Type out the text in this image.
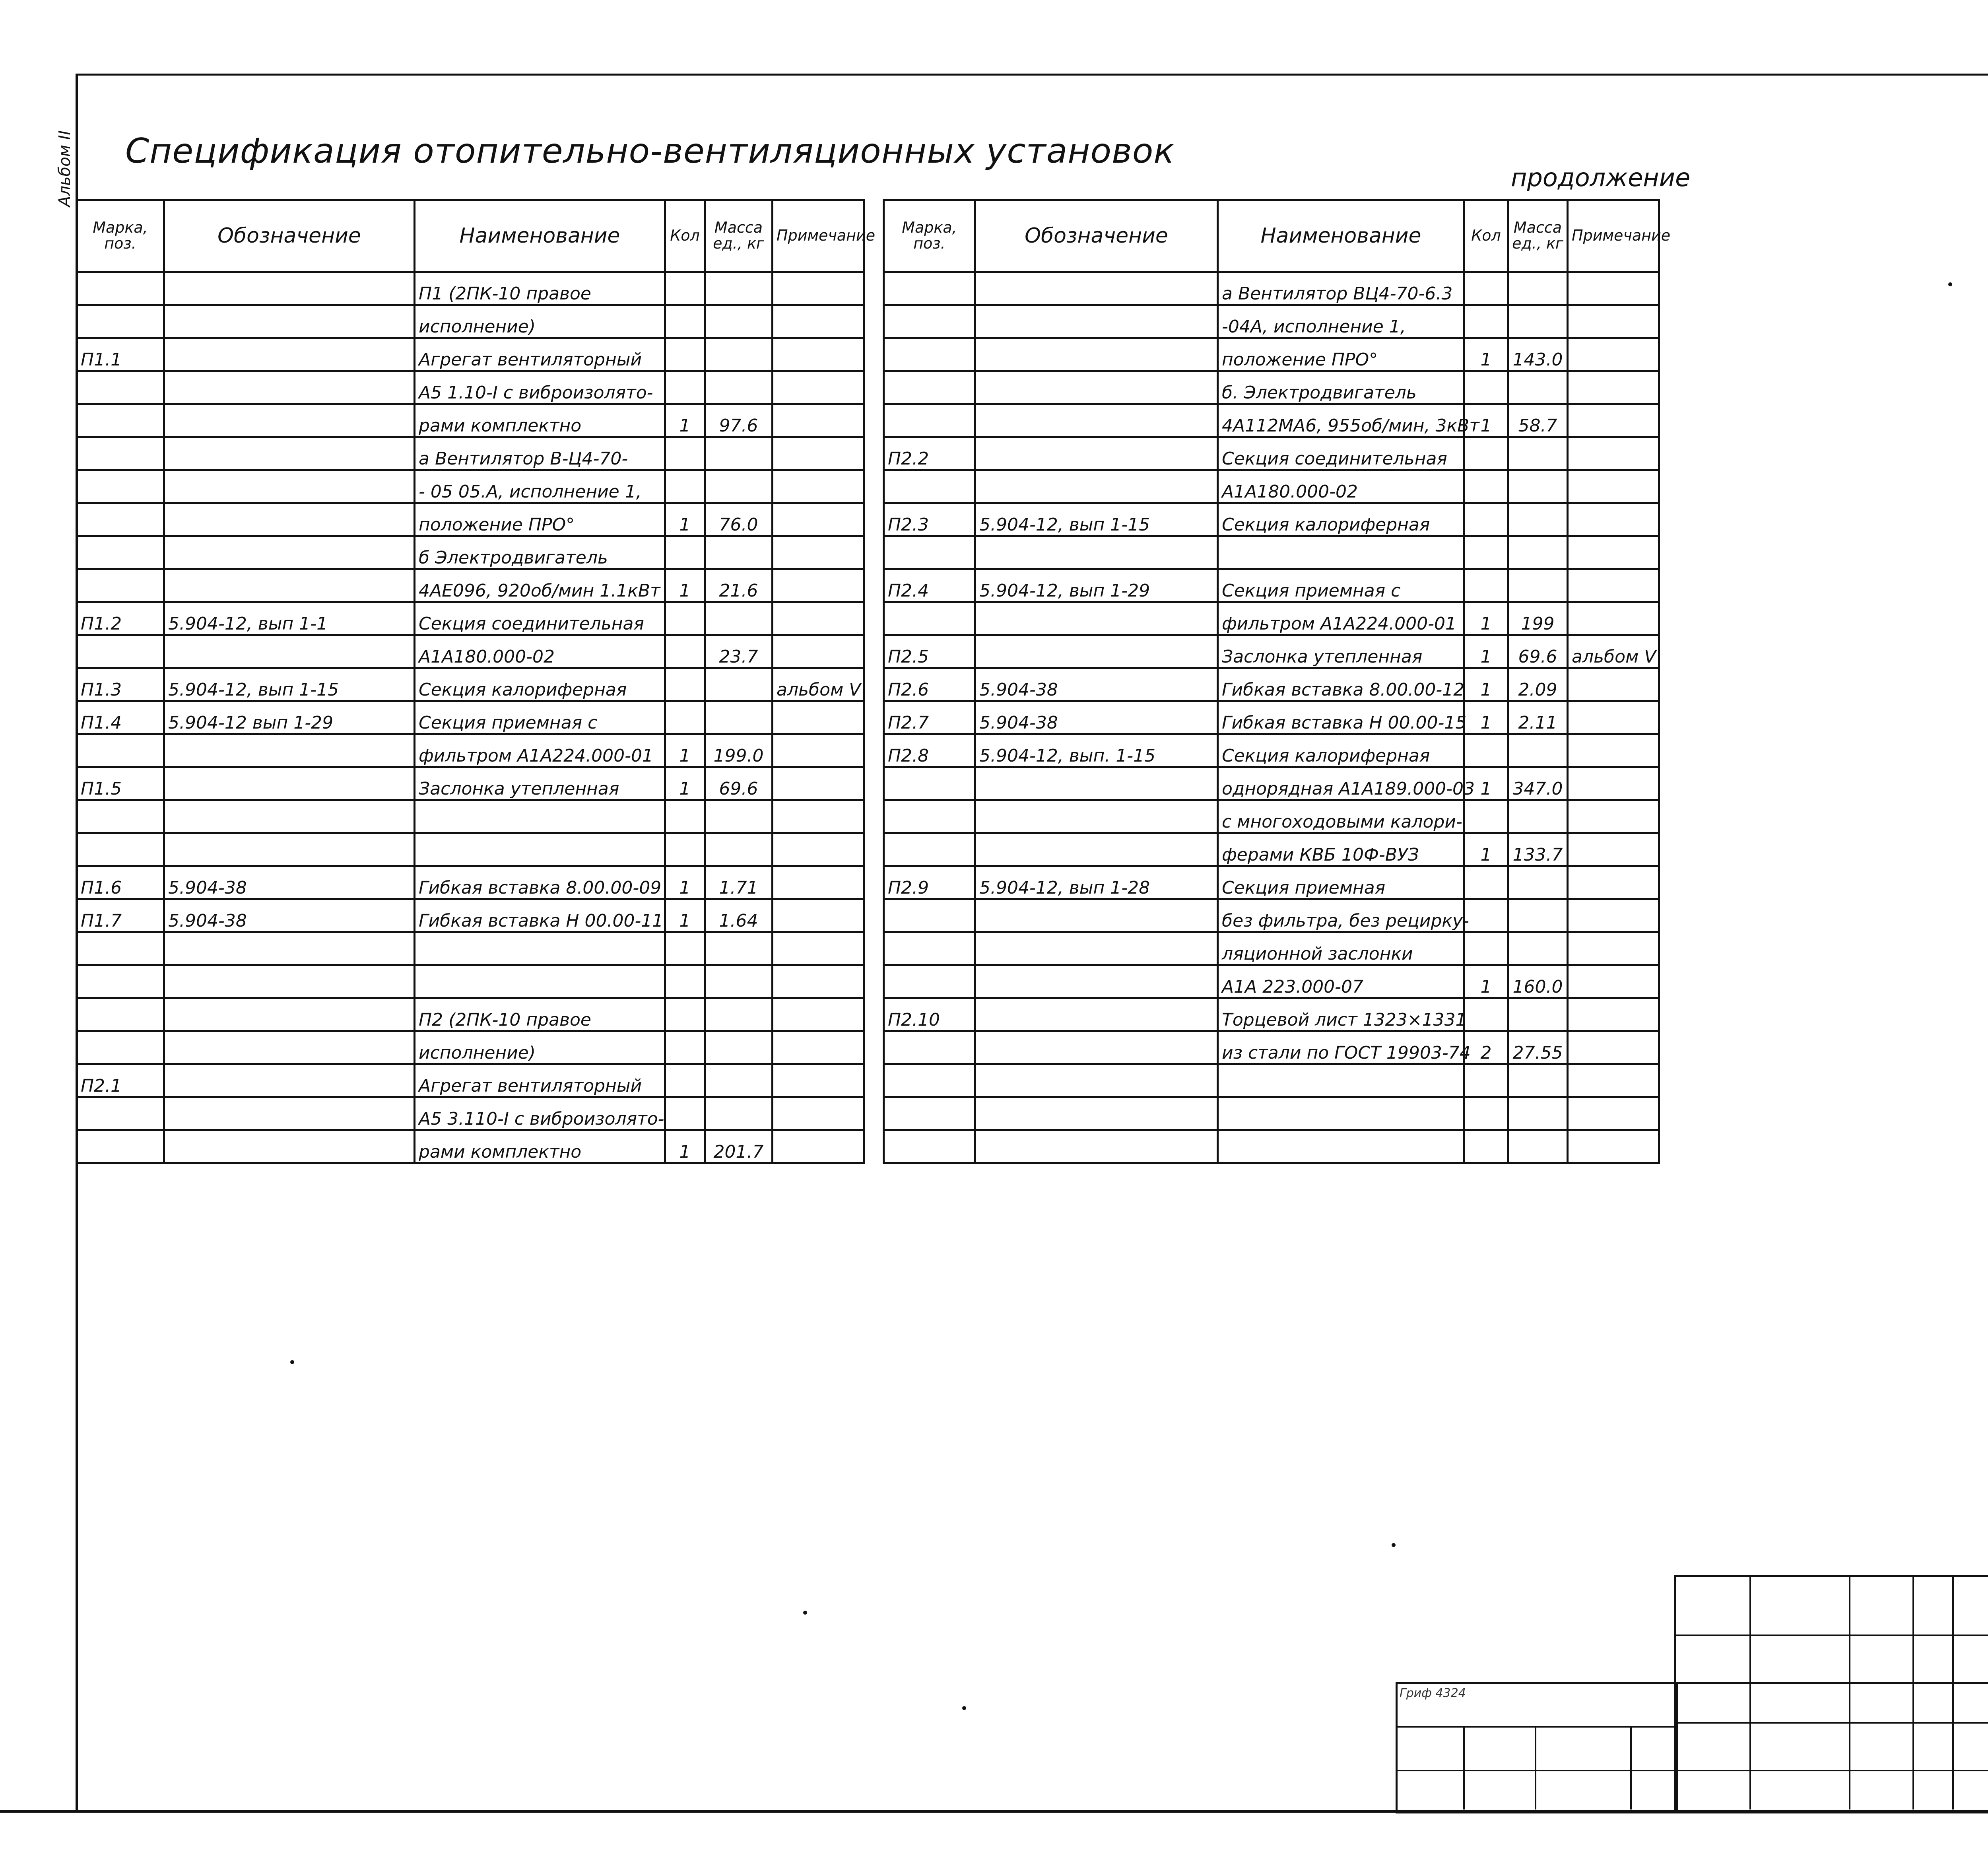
Альбом II Спецификация отопительно-вентиляционных установок
продолжение
Марка, поз.	Обозначение	Наименование	Кол	Масса ед., кг	Примечание
		П1 (2ПК-10 правое			
		исполнение)			
П1.1		Агрегат вентиляторный			
		А5 1.10-I с виброизолято-			
		рами комплектно	1	97.6	
		а Вентилятор В-Ц4-70-			
		- 05 05.А, исполнение 1,			
		положение ПРО°	1	76.0	
		б Электродвигатель			
		4АЕ096, 920об/мин 1.1кВт	1	21.6	
П1.2	5.904-12, вып 1-1	Секция соединительная			
		А1А180.000-02		23.7	
П1.3	5.904-12, вып 1-15	Секция калориферная			альбом V
П1.4	5.904-12 вып 1-29	Секция приемная с			
		фильтром А1А224.000-01	1	199.0	
П1.5		Заслонка утепленная	1	69.6	

П1.6	5.904-38	Гибкая вставка 8.00.00-09	1	1.71	
П1.7	5.904-38	Гибкая вставка Н 00.00-11	1	1.64	

		П2 (2ПК-10 правое			
		исполнение)			
П2.1		Агрегат вентиляторный			
		А5 3.110-I с виброизолято-			
		рами комплектно	1	201.7	
Марка, поз.	Обозначение	Наименование	Кол	Масса ед., кг	Примечание
		а Вентилятор ВЦ4-70-6.3			
		-04А, исполнение 1,			
		положение ПРО°	1	143.0	
		б. Электродвигатель			
		4А112МА6, 955об/мин, 3кВт	1	58.7	
П2.2		Секция соединительная			
		А1А180.000-02			
П2.3	5.904-12, вып 1-15	Секция калориферная			

П2.4	5.904-12, вып 1-29	Секция приемная с			
		фильтром А1А224.000-01	1	199	
П2.5		Заслонка утепленная	1	69.6	альбом V
П2.6	5.904-38	Гибкая вставка 8.00.00-12	1	2.09	
П2.7	5.904-38	Гибкая вставка Н 00.00-15	1	2.11	
П2.8	5.904-12, вып. 1-15	Секция калориферная			
		однорядная А1А189.000-03	1	347.0	
		с многоходовыми калори-			
		ферами КВБ 10Ф-ВУЗ	1	133.7	
П2.9	5.904-12, вып 1-28	Секция приемная			
		без фильтра, без рецирку-			
		ляционной заслонки			
		А1А 223.000-07	1	160.0	
П2.10		Торцевой лист 1323×1331			
		из стали по ГОСТ 19903-74	2	27.55	

Гриф 4324
